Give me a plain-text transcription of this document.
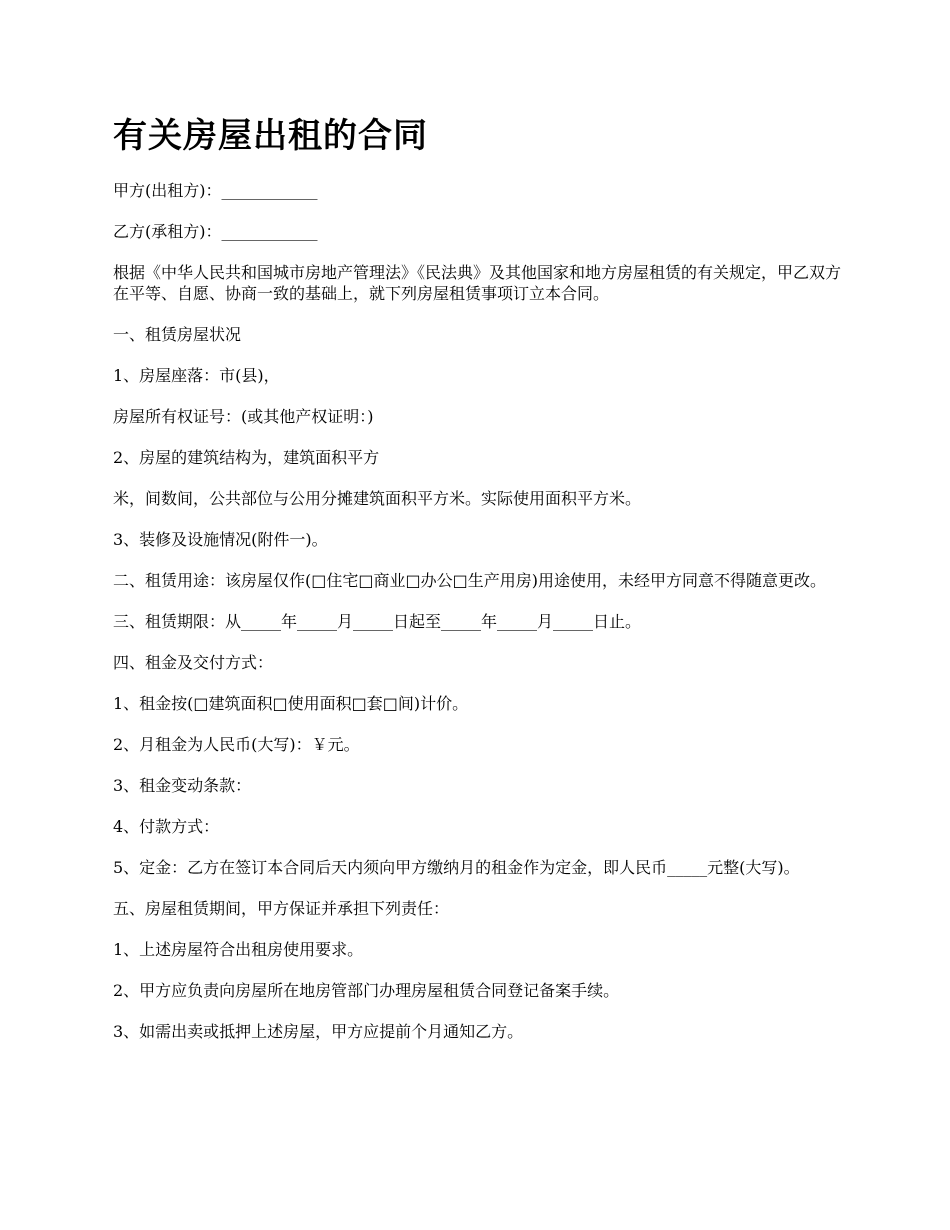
有关房屋出租的合同

甲方(出租方)：____________

乙方(承租方)：____________

根据《中华人民共和国城市房地产管理法》《民法典》及其他国家和地方房屋租赁的有关规定，甲乙双方在平等、自愿、协商一致的基础上，就下列房屋租赁事项订立本合同。

一、租赁房屋状况

1、房屋座落：市(县)，

房屋所有权证号：(或其他产权证明：)

2、房屋的建筑结构为，建筑面积平方

米，间数间，公共部位与公用分摊建筑面积平方米。实际使用面积平方米。

3、装修及设施情况(附件一)。

二、租赁用途：该房屋仅作(□住宅□商业□办公□生产用房)用途使用，未经甲方同意不得随意更改。

三、租赁期限：从_____年_____月_____日起至_____年_____月_____日止。

四、租金及交付方式：

1、租金按(□建筑面积□使用面积□套□间)计价。

2、月租金为人民币(大写)：￥元。

3、租金变动条款：

4、付款方式：

5、定金：乙方在签订本合同后天内须向甲方缴纳月的租金作为定金，即人民币_____元整(大写)。

五、房屋租赁期间，甲方保证并承担下列责任：

1、上述房屋符合出租房使用要求。

2、甲方应负责向房屋所在地房管部门办理房屋租赁合同登记备案手续。

3、如需出卖或抵押上述房屋，甲方应提前个月通知乙方。
